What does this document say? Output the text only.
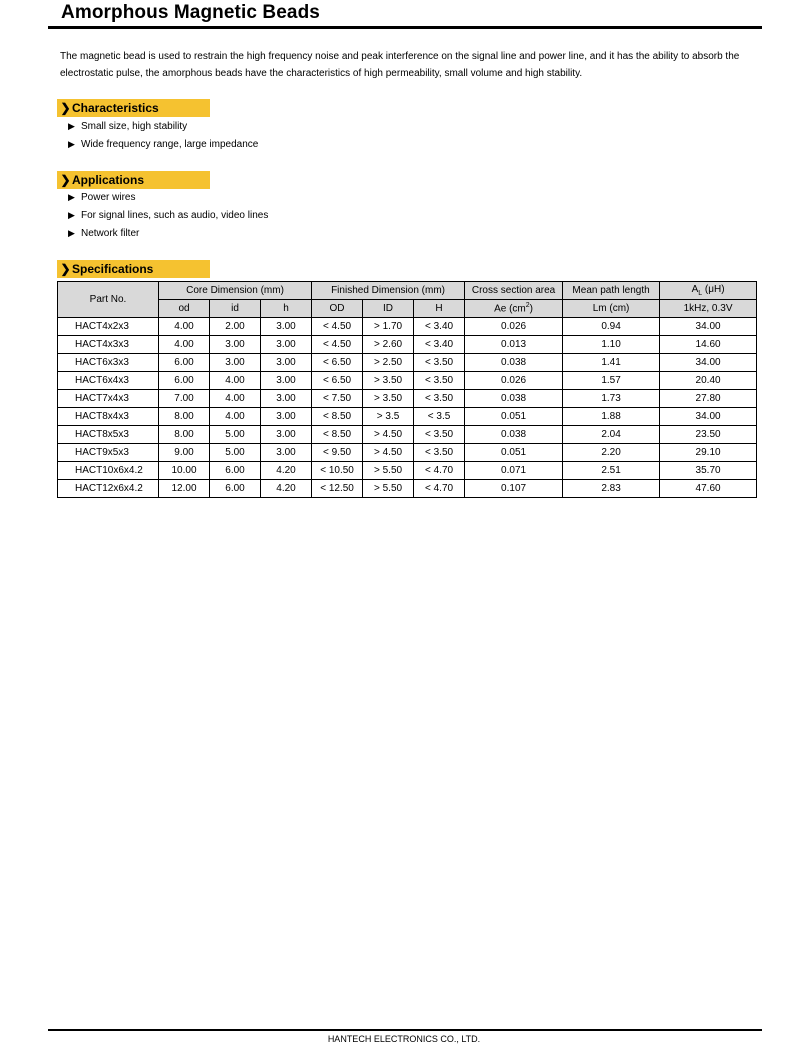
Amorphous Magnetic Beads
The magnetic bead is used to restrain the high frequency noise and peak interference on the signal line and power line, and it has the ability to absorb the electrostatic pulse, the amorphous beads have the characteristics of high permeability, small volume and high stability.
❯Characteristics
▶ Small size, high stability
▶ Wide frequency range, large impedance
❯Applications
▶ Power wires
▶ For signal lines, such as audio, video lines
▶ Network filter
❯Specifications
Part No.	Core Dimension (mm)			Finished Dimension (mm)			Cross section area	Mean path length	$A_L$ (μH)
	od	id	h	OD	ID	H	Ae $(cm^2)$	Lm (cm)	1kHz, 0.3V
HACT4x2x3	4.00	2.00	3.00	< 4.50	> 1.70	< 3.40	0.026	0.94	34.00
HACT4x3x3	4.00	3.00	3.00	< 4.50	> 2.60	< 3.40	0.013	1.10	14.60
HACT6x3x3	6.00	3.00	3.00	< 6.50	> 2.50	< 3.50	0.038	1.41	34.00
HACT6x4x3	6.00	4.00	3.00	< 6.50	> 3.50	< 3.50	0.026	1.57	20.40
HACT7x4x3	7.00	4.00	3.00	< 7.50	> 3.50	< 3.50	0.038	1.73	27.80
HACT8x4x3	8.00	4.00	3.00	< 8.50	> 3.5	< 3.5	0.051	1.88	34.00
HACT8x5x3	8.00	5.00	3.00	< 8.50	> 4.50	< 3.50	0.038	2.04	23.50
HACT9x5x3	9.00	5.00	3.00	< 9.50	> 4.50	< 3.50	0.051	2.20	29.10
HACT10x6x4.2	10.00	6.00	4.20	< 10.50	> 5.50	< 4.70	0.071	2.51	35.70
HACT12x6x4.2	12.00	6.00	4.20	< 12.50	> 5.50	< 4.70	0.107	2.83	47.60
HANTECH ELECTRONICS CO., LTD.
